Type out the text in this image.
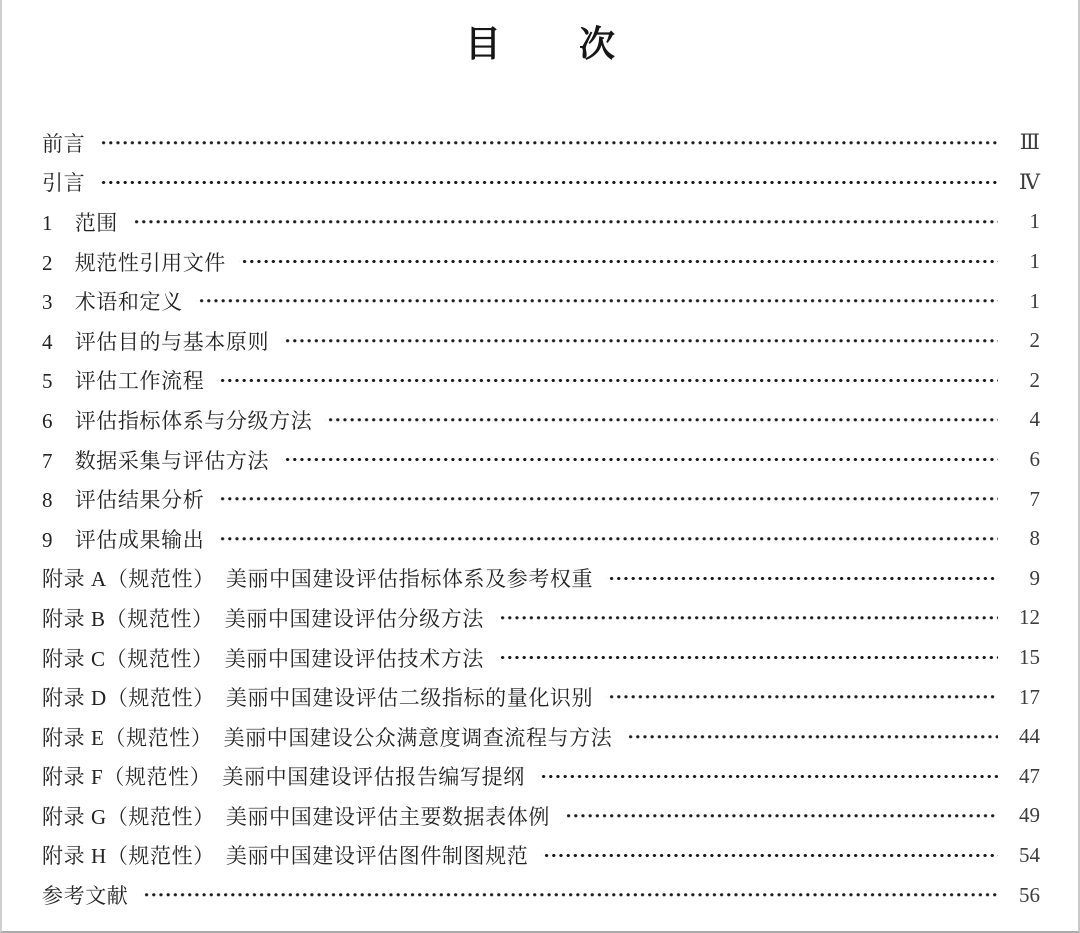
目　　次
前言	Ⅲ
引言	Ⅳ
1　范围	1
2　规范性引用文件	1
3　术语和定义	1
4　评估目的与基本原则	2
5　评估工作流程	2
6　评估指标体系与分级方法	4
7　数据采集与评估方法	6
8　评估结果分析	7
9　评估成果输出	8
附录 A（规范性）　美丽中国建设评估指标体系及参考权重	9
附录 B（规范性）　美丽中国建设评估分级方法	12
附录 C（规范性）　美丽中国建设评估技术方法	15
附录 D（规范性）　美丽中国建设评估二级指标的量化识别	17
附录 E（规范性）　美丽中国建设公众满意度调查流程与方法	44
附录 F（规范性）　美丽中国建设评估报告编写提纲	47
附录 G（规范性）　美丽中国建设评估主要数据表体例	49
附录 H（规范性）　美丽中国建设评估图件制图规范	54
参考文献	56
